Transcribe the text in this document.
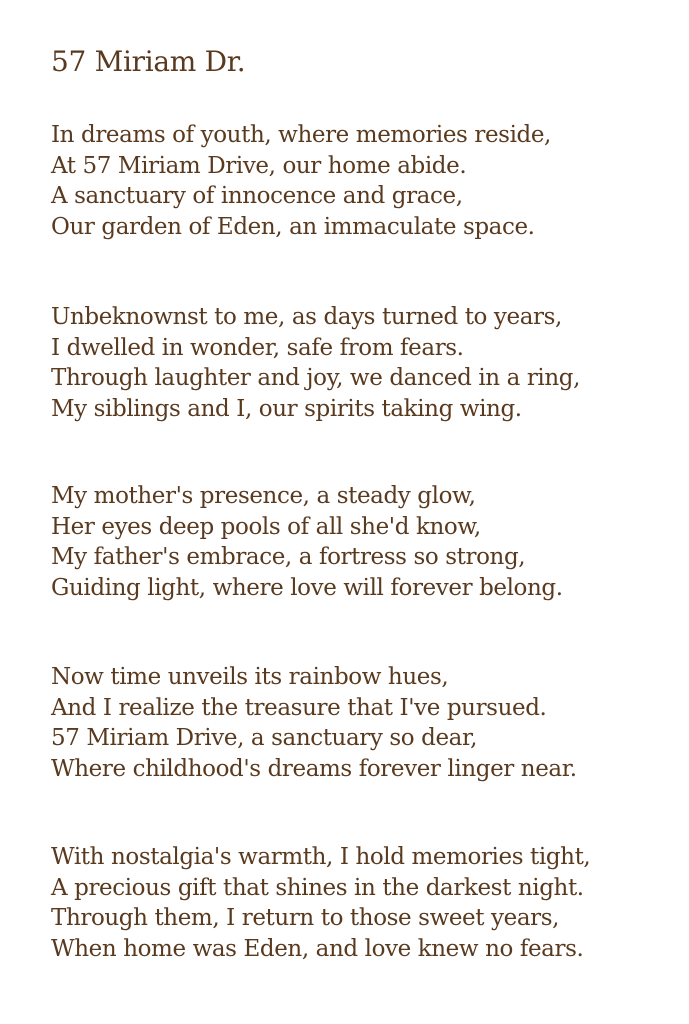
57 Miriam Dr.

In dreams of youth, where memories reside,
At 57 Miriam Drive, our home abide.
A sanctuary of innocence and grace,
Our garden of Eden, an immaculate space.

Unbeknownst to me, as days turned to years,
I dwelled in wonder, safe from fears.
Through laughter and joy, we danced in a ring,
My siblings and I, our spirits taking wing.

My mother's presence, a steady glow,
Her eyes deep pools of all she'd know,
My father's embrace, a fortress so strong,
Guiding light, where love will forever belong.

Now time unveils its rainbow hues,
And I realize the treasure that I've pursued.
57 Miriam Drive, a sanctuary so dear,
Where childhood's dreams forever linger near.

With nostalgia's warmth, I hold memories tight,
A precious gift that shines in the darkest night.
Through them, I return to those sweet years,
When home was Eden, and love knew no fears.
